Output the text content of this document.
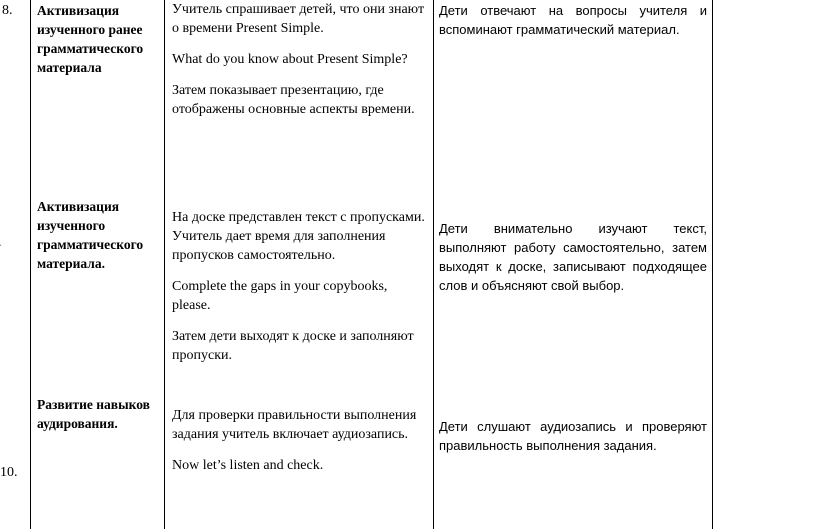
8. Активизация изученного ранее грамматического материала

Учитель спрашивает детей, что они знают о времени Present Simple.

What do you know about Present Simple?

Затем показывает презентацию, где отображены основные аспекты времени.

Дети отвечают на вопросы учителя и вспоминают грамматический материал.
Активизация изученного грамматического материала.

На доске представлен текст с пропусками. Учитель дает время для заполнения пропусков самостоятельно.

Complete the gaps in your copybooks, please.

Затем дети выходят к доске и заполняют пропуски.

Дети внимательно изучают текст, выполняют работу самостоятельно, затем выходят к доске, записывают подходящее слов и объясняют свой выбор.
10.
Развитие навыков аудирования.

Для проверки правильности выполнения задания учитель включает аудиозапись.

Now let’s listen and check.

Дети слушают аудиозапись и проверяют правильность выполнения задания.
